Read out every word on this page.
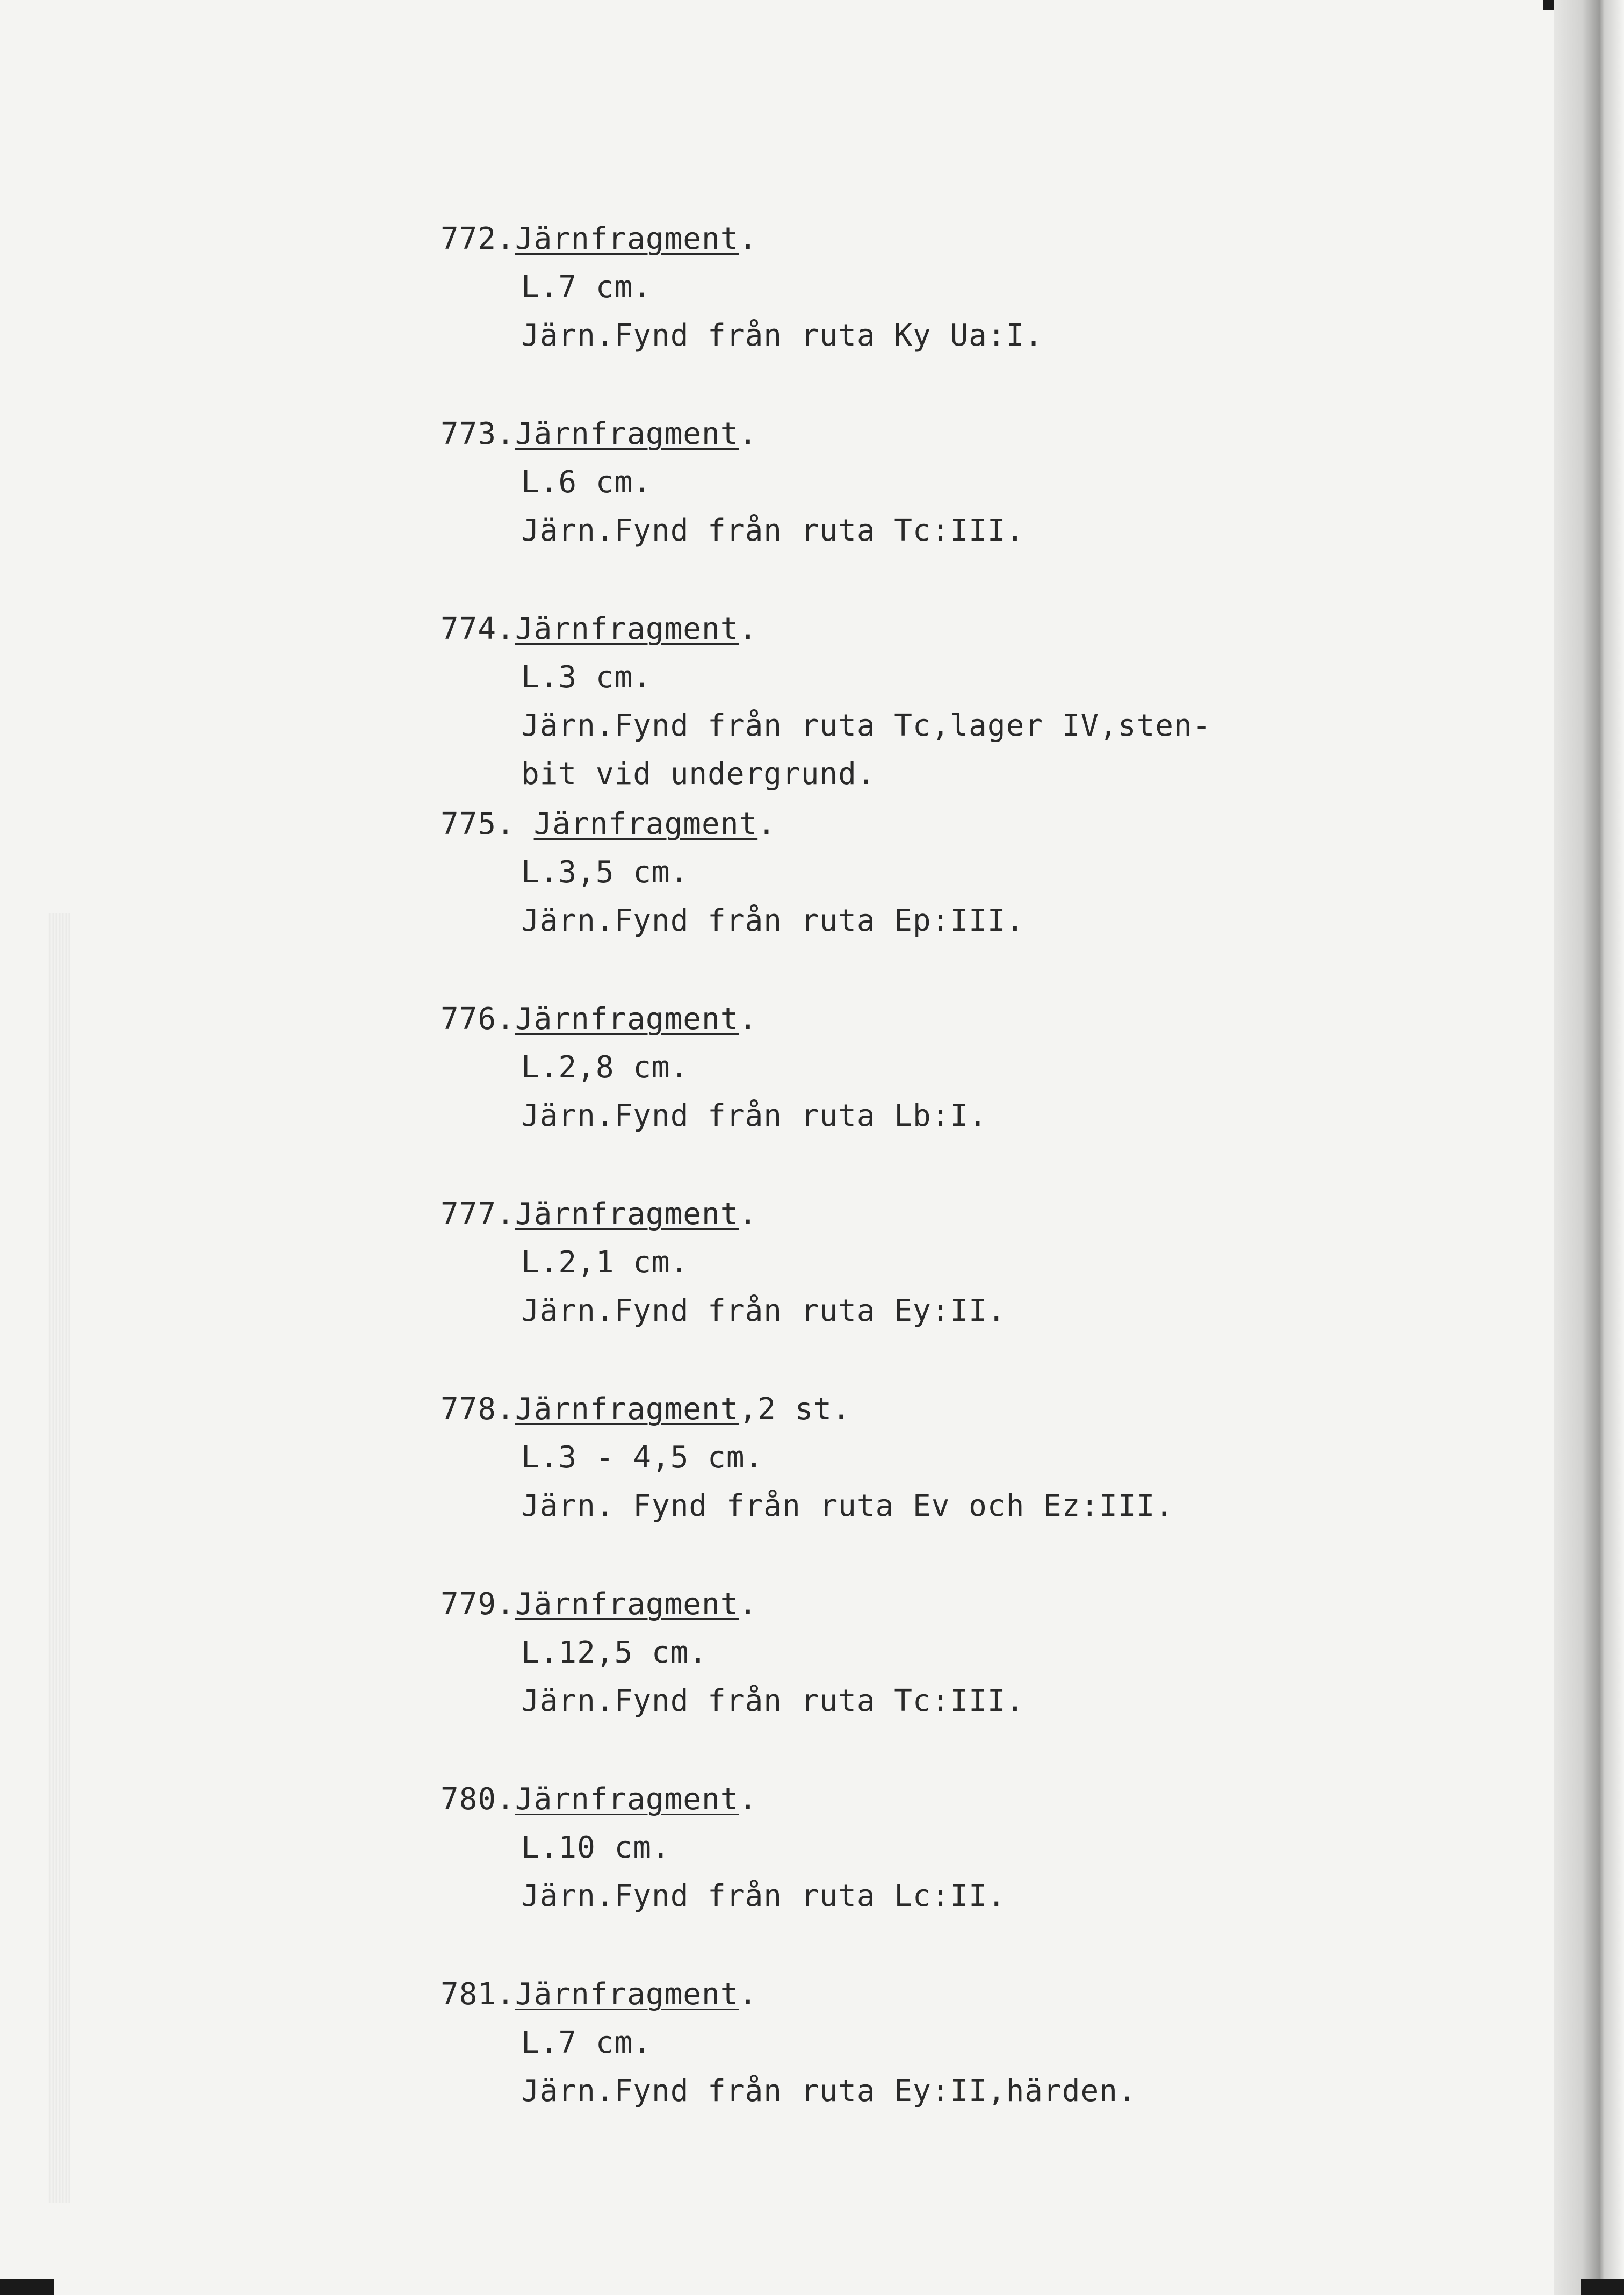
772.Järnfragment.
L.7 cm.
Järn.Fynd från ruta Ky Ua:I.
773.Järnfragment.
L.6 cm.
Järn.Fynd från ruta Tc:III.
774.Järnfragment.
L.3 cm.
Järn.Fynd från ruta Tc,lager IV,sten-
bit vid undergrund.
775. Järnfragment.
L.3,5 cm.
Järn.Fynd från ruta Ep:III.
776.Järnfragment.
L.2,8 cm.
Järn.Fynd från ruta Lb:I.
777.Järnfragment.
L.2,1 cm.
Järn.Fynd från ruta Ey:II.
778.Järnfragment,2 st.
L.3 - 4,5 cm.
Järn. Fynd från ruta Ev och Ez:III.
779.Järnfragment.
L.12,5 cm.
Järn.Fynd från ruta Tc:III.
780.Järnfragment.
L.10 cm.
Järn.Fynd från ruta Lc:II.
781.Järnfragment.
L.7 cm.
Järn.Fynd från ruta Ey:II,härden.
